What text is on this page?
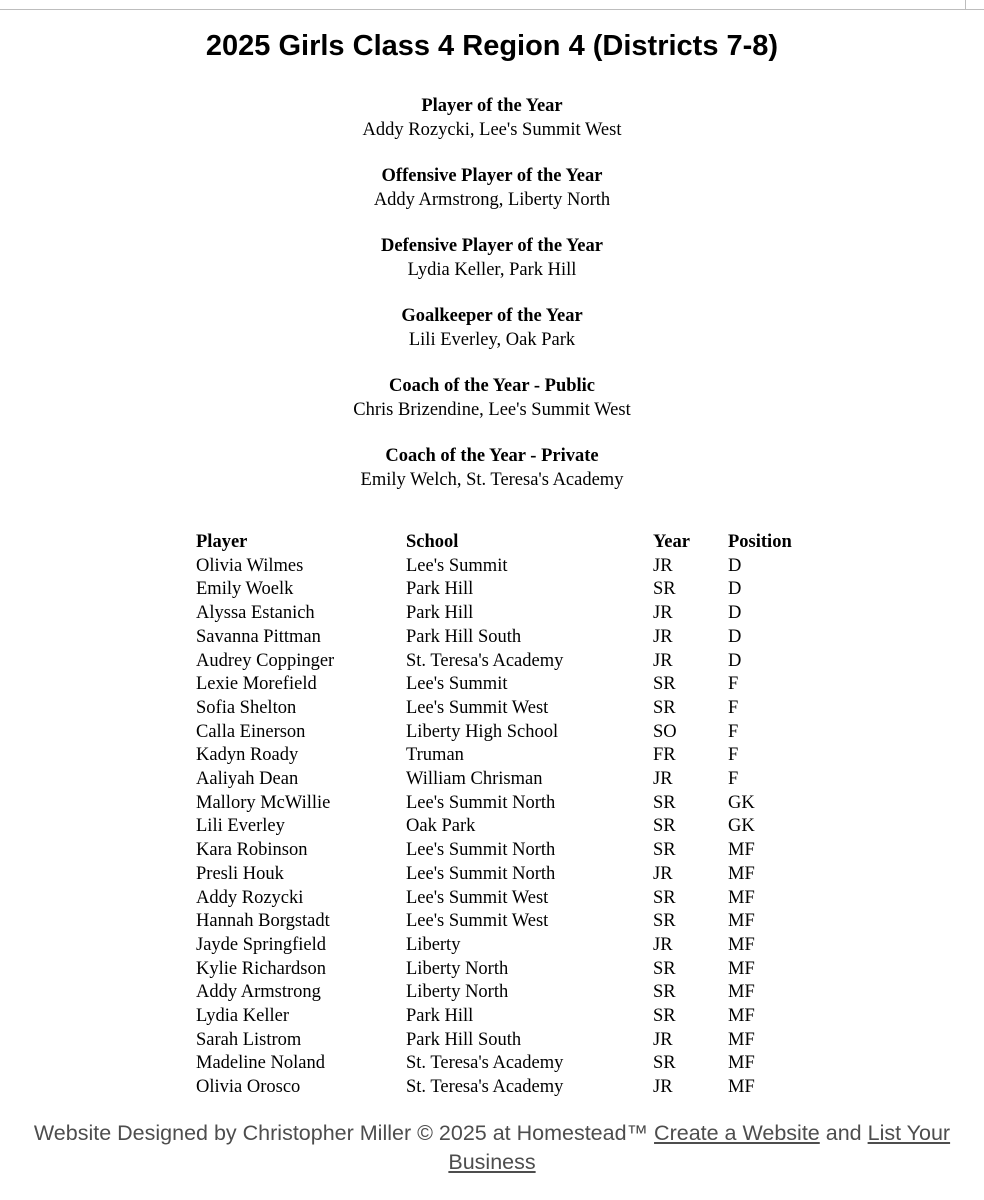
2025 Girls Class 4 Region 4 (Districts 7-8)
Player of the Year
Addy Rozycki, Lee's Summit West
Offensive Player of the Year
Addy Armstrong, Liberty North
Defensive Player of the Year
Lydia Keller, Park Hill
Goalkeeper of the Year
Lili Everley, Oak Park
Coach of the Year - Public
Chris Brizendine, Lee's Summit West
Coach of the Year - Private
Emily Welch, St. Teresa's Academy
Player	School	Year	Position
Olivia Wilmes	Lee's Summit	JR	D
Emily Woelk	Park Hill	SR	D
Alyssa Estanich	Park Hill	JR	D
Savanna Pittman	Park Hill South	JR	D
Audrey Coppinger	St. Teresa's Academy	JR	D
Lexie Morefield	Lee's Summit	SR	F
Sofia Shelton	Lee's Summit West	SR	F
Calla Einerson	Liberty High School	SO	F
Kadyn Roady	Truman	FR	F
Aaliyah Dean	William Chrisman	JR	F
Mallory McWillie	Lee's Summit North	SR	GK
Lili Everley	Oak Park	SR	GK
Kara Robinson	Lee's Summit North	SR	MF
Presli Houk	Lee's Summit North	JR	MF
Addy Rozycki	Lee's Summit West	SR	MF
Hannah Borgstadt	Lee's Summit West	SR	MF
Jayde Springfield	Liberty	JR	MF
Kylie Richardson	Liberty North	SR	MF
Addy Armstrong	Liberty North	SR	MF
Lydia Keller	Park Hill	SR	MF
Sarah Listrom	Park Hill South	JR	MF
Madeline Noland	St. Teresa's Academy	SR	MF
Olivia Orosco	St. Teresa's Academy	JR	MF
Website Designed by Christopher Miller © 2025 at Homestead™ Create a Website and List Your Business
